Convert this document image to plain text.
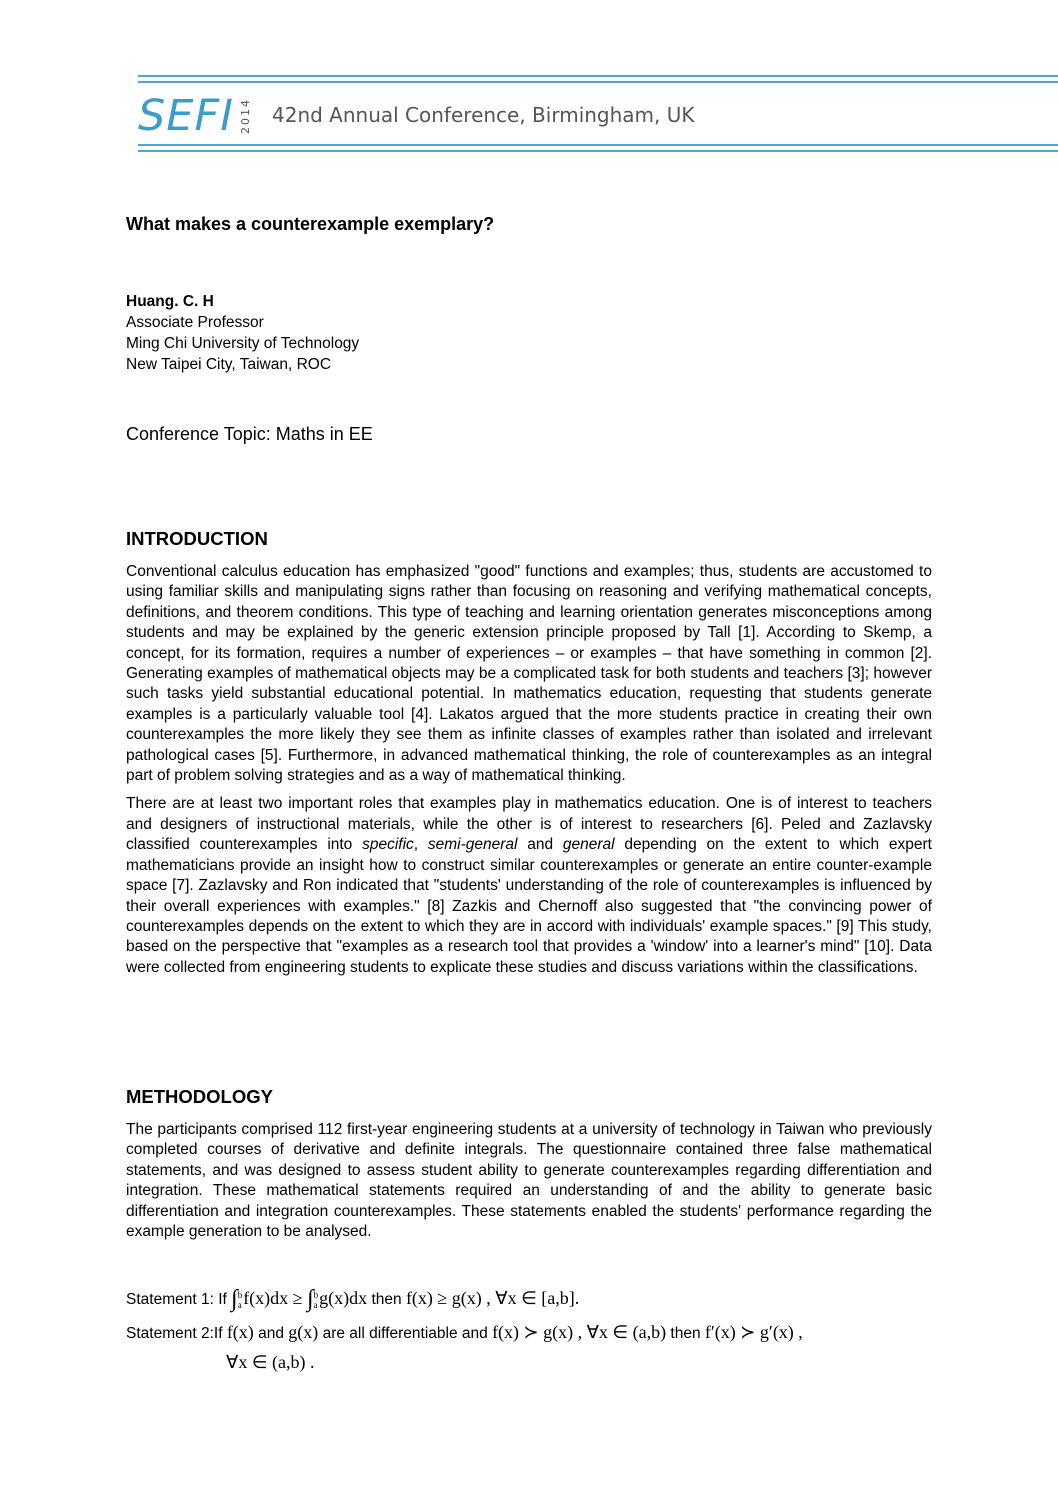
SEFI 2014 42nd Annual Conference, Birmingham, UK
What makes a counterexample exemplary?
Huang. C. H
Associate Professor
Ming Chi University of Technology
New Taipei City, Taiwan, ROC
Conference Topic: Maths in EE
INTRODUCTION

Conventional calculus education has emphasized "good" functions and examples; thus, students are accustomed to using familiar skills and manipulating signs rather than focusing on reasoning and verifying mathematical concepts, definitions, and theorem conditions. This type of teaching and learning orientation generates misconceptions among students and may be explained by the generic extension principle proposed by Tall [1]. According to Skemp, a concept, for its formation, requires a number of experiences – or examples – that have something in common [2]. Generating examples of mathematical objects may be a complicated task for both students and teachers [3]; however such tasks yield substantial educational potential. In mathematics education, requesting that students generate examples is a particularly valuable tool [4]. Lakatos argued that the more students practice in creating their own counterexamples the more likely they see them as infinite classes of examples rather than isolated and irrelevant pathological cases [5]. Furthermore, in advanced mathematical thinking, the role of counterexamples as an integral part of problem solving strategies and as a way of mathematical thinking.

There are at least two important roles that examples play in mathematics education. One is of interest to teachers and designers of instructional materials, while the other is of interest to researchers [6]. Peled and Zazlavsky classified counterexamples into specific, semi-general and general depending on the extent to which expert mathematicians provide an insight how to construct similar counterexamples or generate an entire counter-example space [7]. Zazlavsky and Ron indicated that "students' understanding of the role of counterexamples is influenced by their overall experiences with examples." [8] Zazkis and Chernoff also suggested that "the convincing power of counterexamples depends on the extent to which they are in accord with individuals' example spaces." [9] This study, based on the perspective that "examples as a research tool that provides a 'window' into a learner's mind" [10]. Data were collected from engineering students to explicate these studies and discuss variations within the classifications.

METHODOLOGY

The participants comprised 112 first-year engineering students at a university of technology in Taiwan who previously completed courses of derivative and definite integrals. The questionnaire contained three false mathematical statements, and was designed to assess student ability to generate counterexamples regarding differentiation and integration. These mathematical statements required an understanding of and the ability to generate basic differentiation and integration counterexamples. These statements enabled the students' performance regarding the example generation to be analysed.

Statement 1: If ∫ b
a f(x)dx ≥ ∫ b
a g(x)dx then f(x) ≥ g(x) , ∀x ∈ [a,b].
Statement 2:If f(x) and g(x) are all differentiable and f(x) ≻ g(x) , ∀x ∈ (a,b) then f′(x) ≻ g′(x) ,
∀x ∈ (a,b) .
